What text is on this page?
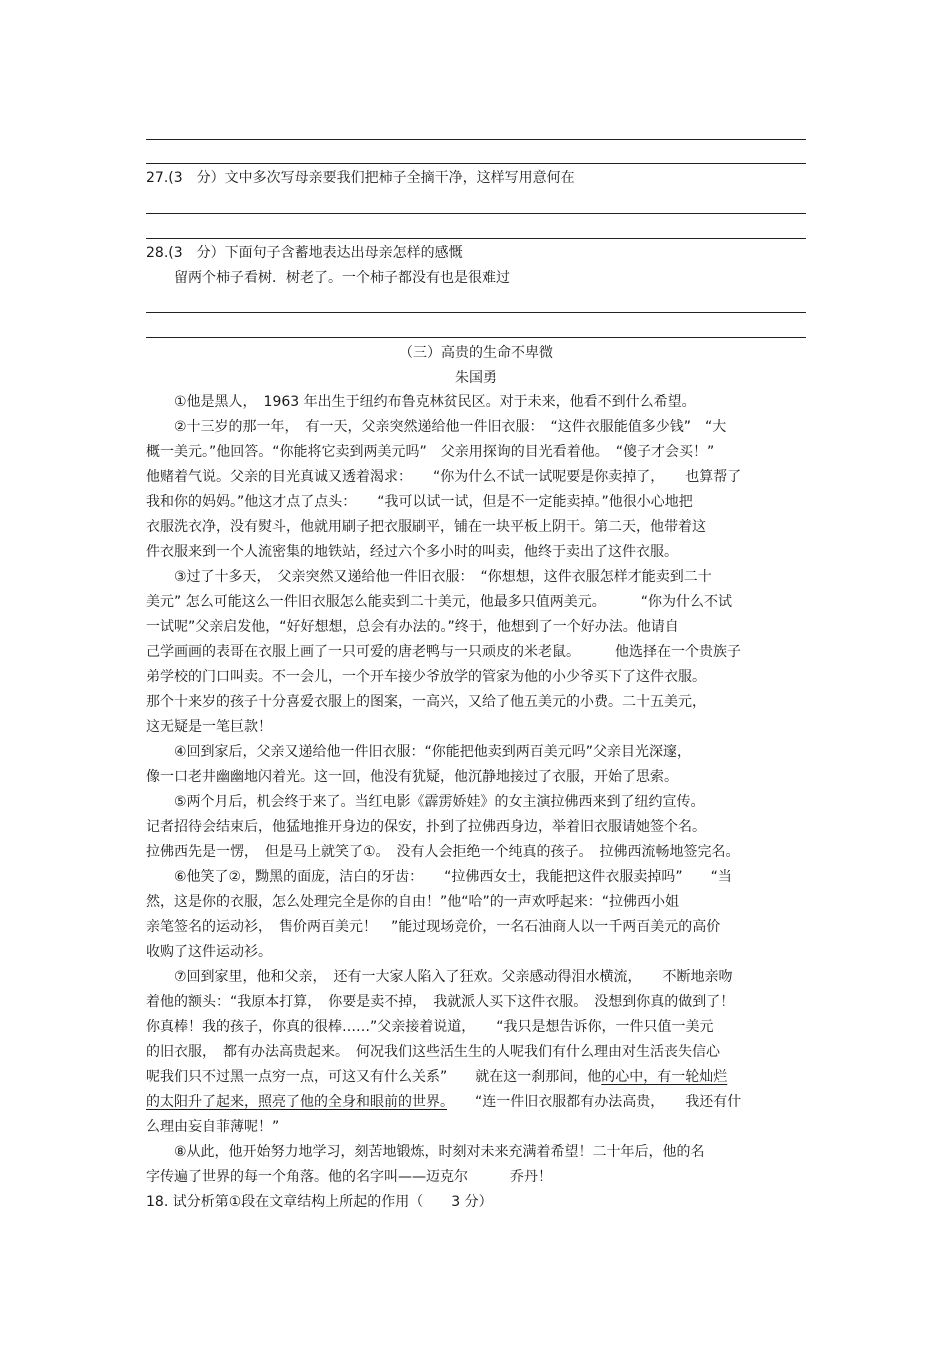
27.(3　分）文中多次写母亲要我们把柿子全摘干净，这样写用意何在
28.(3　分）下面句子含蓄地表达出母亲怎样的感慨
留两个柿子看树．树老了。一个柿子都没有也是很难过
（三）高贵的生命不卑微
朱国勇
①他是黑人，　1963 年出生于纽约布鲁克林贫民区。对于未来，他看不到什么希望。
②十三岁的那一年，　有一天，父亲突然递给他一件旧衣服：　“这件衣服能值多少钱”　“大
概一美元。”他回答。“你能将它卖到两美元吗”　父亲用探询的目光看着他。　“傻子才会买！”
他赌着气说。父亲的目光真诚又透着渴求：　　“你为什么不试一试呢要是你卖掉了，　　也算帮了
我和你的妈妈。”他这才点了点头：　　“我可以试一试，但是不一定能卖掉。”他很小心地把
衣服洗衣净，没有熨斗，他就用刷子把衣服刷平，铺在一块平板上阴干。第二天，他带着这
件衣服来到一个人流密集的地铁站，经过六个多小时的叫卖，他终于卖出了这件衣服。
③过了十多天，　父亲突然又递给他一件旧衣服：　“你想想，这件衣服怎样才能卖到二十
美元” 怎么可能这么一件旧衣服怎么能卖到二十美元，他最多只值两美元。　　　“你为什么不试
一试呢”父亲启发他，“好好想想，总会有办法的。”终于，他想到了一个好办法。他请自
己学画画的表哥在衣服上画了一只可爱的唐老鸭与一只顽皮的米老鼠。　　　他选择在一个贵族子
弟学校的门口叫卖。不一会儿，一个开车接少爷放学的管家为他的小少爷买下了这件衣服。
那个十来岁的孩子十分喜爱衣服上的图案，一高兴，又给了他五美元的小费。二十五美元，
这无疑是一笔巨款！
④回到家后，父亲又递给他一件旧衣服：“你能把他卖到两百美元吗”父亲目光深邃，
像一口老井幽幽地闪着光。这一回，他没有犹疑，他沉静地接过了衣服，开始了思索。
⑤两个月后，机会终于来了。当红电影《霹雳娇娃》的女主演拉佛西来到了纽约宣传。
记者招待会结束后，他猛地推开身边的保安，扑到了拉佛西身边，举着旧衣服请她签个名。
拉佛西先是一愣，　但是马上就笑了①。　没有人会拒绝一个纯真的孩子。　拉佛西流畅地签完名。
⑥他笑了②，黝黑的面庞，洁白的牙齿：　　“拉佛西女士，我能把这件衣服卖掉吗”　　“当
然，这是你的衣服，怎么处理完全是你的自由！”他“哈”的一声欢呼起来：“拉佛西小姐
亲笔签名的运动衫，　售价两百美元！　”能过现场竞价，一名石油商人以一千两百美元的高价
收购了这件运动衫。
⑦回到家里，他和父亲，　还有一大家人陷入了狂欢。父亲感动得泪水横流，　　不断地亲吻
着他的额头：“我原本打算，　你要是卖不掉，　我就派人买下这件衣服。　没想到你真的做到了！
你真棒！我的孩子，你真的很棒……”父亲接着说道，　　“我只是想告诉你，一件只值一美元
的旧衣服，　都有办法高贵起来。　何况我们这些活生生的人呢我们有什么理由对生活丧失信心
呢我们只不过黑一点穷一点，可这又有什么关系”　　就在这一刹那间，他的心中，有一轮灿烂
的太阳升了起来，照亮了他的全身和眼前的世界。　　“连一件旧衣服都有办法高贵，　　我还有什
么理由妄自菲薄呢！”
⑧从此，他开始努力地学习，刻苦地锻炼，时刻对未来充满着希望！二十年后，他的名
字传遍了世界的每一个角落。他的名字叫——迈克尔　　　乔丹！
18. 试分析第①段在文章结构上所起的作用（　　3 分）
